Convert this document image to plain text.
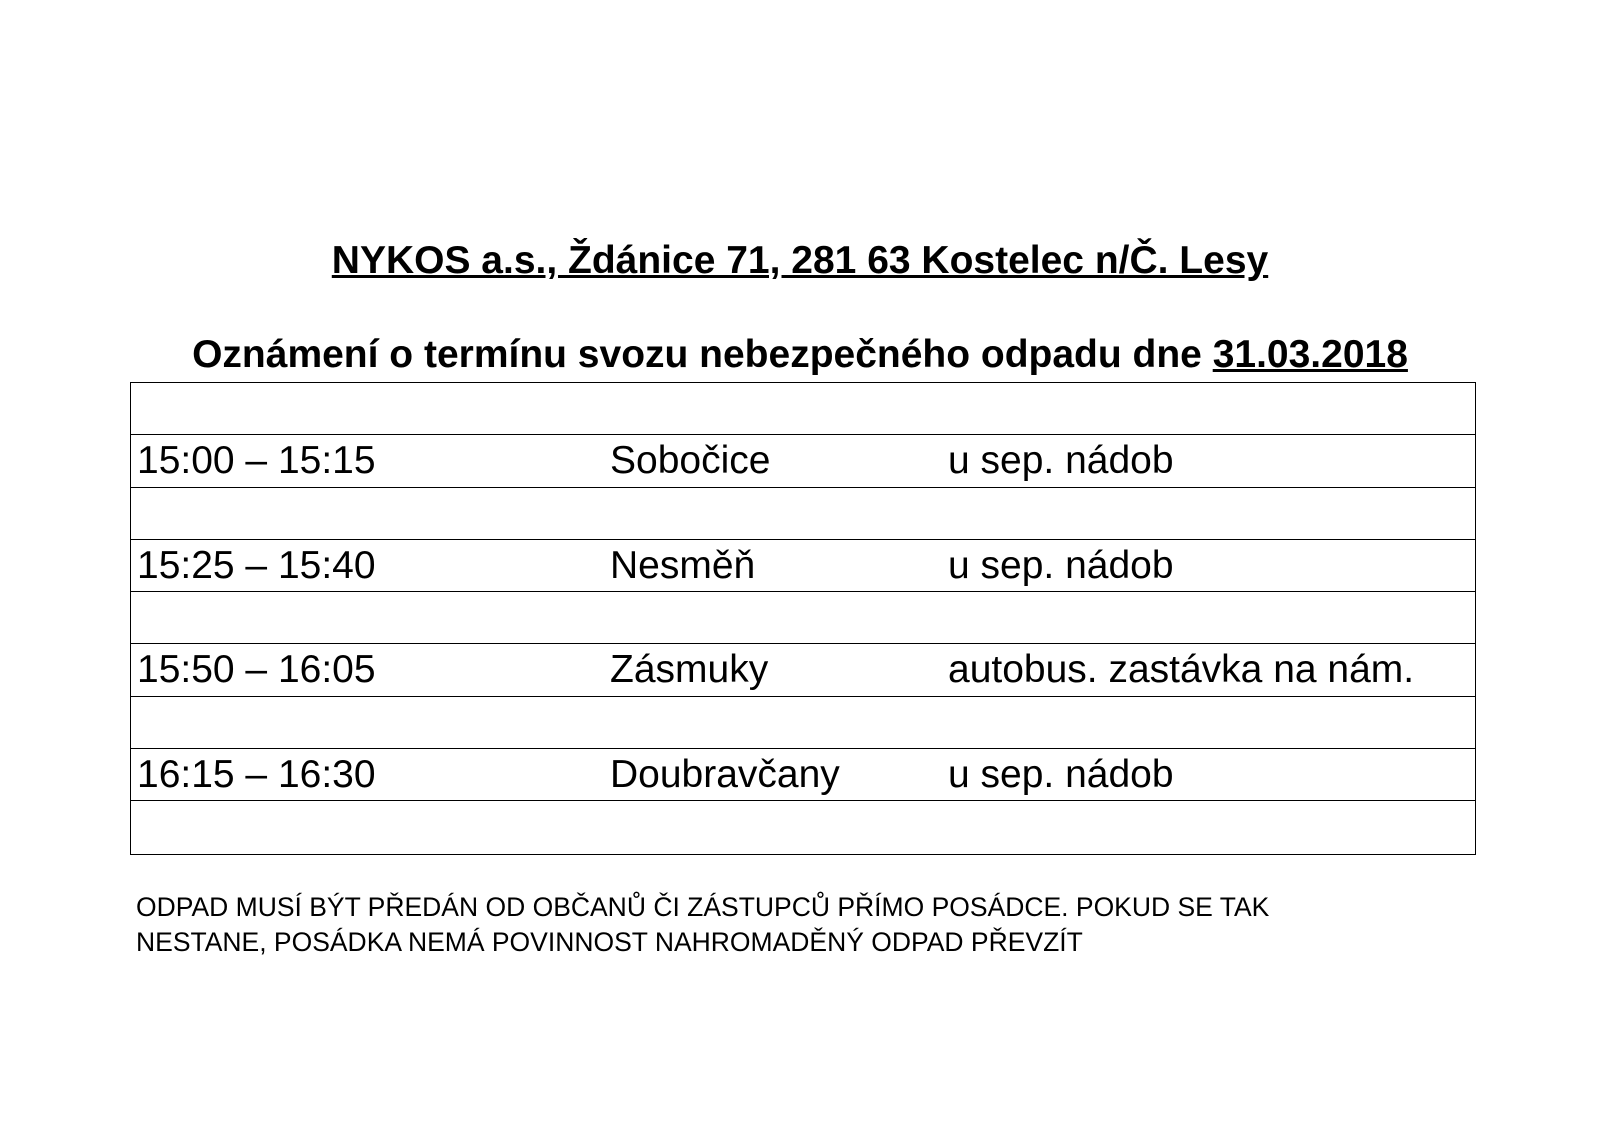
NYKOS a.s., Ždánice 71, 281 63 Kostelec n/Č. Lesy
Oznámení o termínu svozu nebezpečného odpadu dne 31.03.2018
15:00 – 15:15	Sobočice	u sep. nádob
15:25 – 15:40	Nesměň	u sep. nádob
15:50 – 16:05	Zásmuky	autobus. zastávka na nám.
16:15 – 16:30	Doubravčany	u sep. nádob
ODPAD MUSÍ BÝT PŘEDÁN OD OBČANŮ ČI ZÁSTUPCŮ PŘÍMO POSÁDCE. POKUD SE TAK
NESTANE, POSÁDKA NEMÁ POVINNOST NAHROMADĚNÝ ODPAD PŘEVZÍT
